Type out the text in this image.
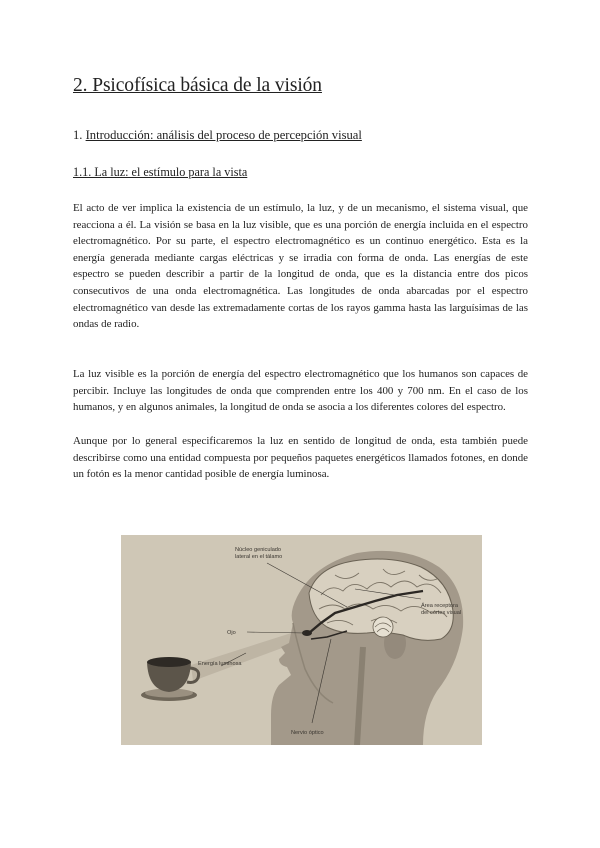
2. Psicofísica básica de la visión
1. Introducción: análisis del proceso de percepción visual
1.1. La luz: el estímulo para la vista

El acto de ver implica la existencia de un estímulo, la luz, y de un mecanismo, el sistema visual, que reacciona a él. La visión se basa en la luz visible, que es una porción de energía incluida en el espectro electromagnético. Por su parte, el espectro electromagnético es un continuo energético. Esta es la energía generada mediante cargas eléctricas y se irradia con forma de onda. Las energías de este espectro se pueden describir a partir de la longitud de onda, que es la distancia entre dos picos consecutivos de una onda electromagnética. Las longitudes de onda abarcadas por el espectro electromagnético van desde las extremadamente cortas de los rayos gamma hasta las larguísimas de las ondas de radio.

La luz visible es la porción de energía del espectro electromagnético que los humanos son capaces de percibir. Incluye las longitudes de onda que comprenden entre los 400 y 700 nm. En el caso de los humanos, y en algunos animales, la longitud de onda se asocia a los diferentes colores del espectro.

Aunque por lo general especificaremos la luz en sentido de longitud de onda, esta también puede describirse como una entidad compuesta por pequeños paquetes energéticos llamados fotones, en donde un fotón es la menor cantidad posible de energía luminosa.

Núcleo geniculado
lateral en el tálamo
Área receptora
del córtex visual
Ojo
Energía luminosa
Nervio óptico
